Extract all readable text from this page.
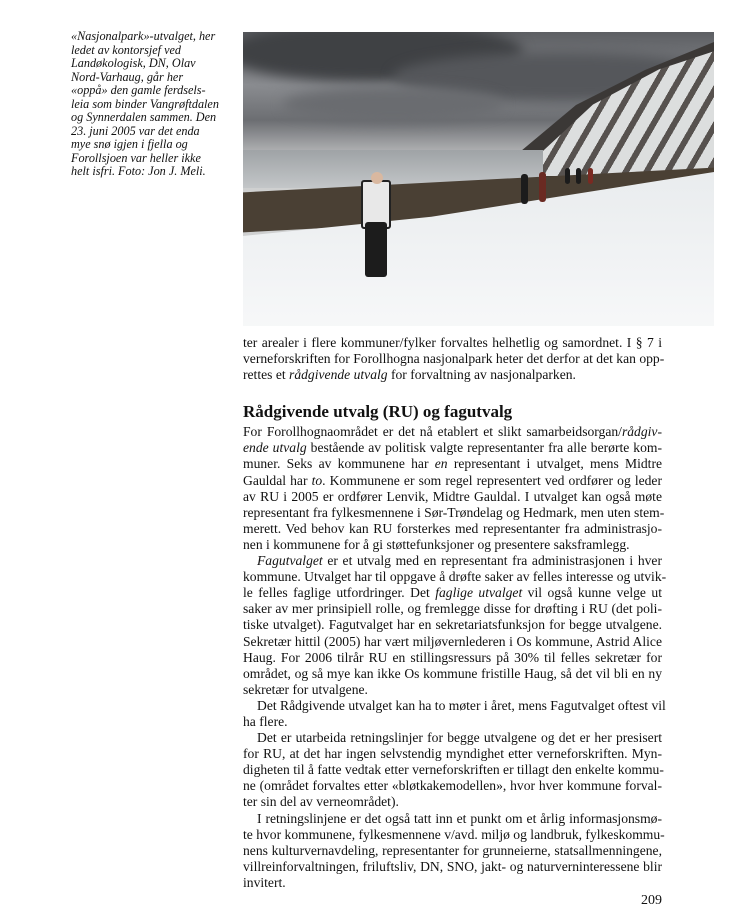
«Nasjonalpark»-utvalget, her
ledet av kontorsjef ved
Landøkologisk, DN, Olav
Nord-Varhaug, går her
«oppå» den gamle ferdsels-
leia som binder Vangrøftdalen
og Synnerdalen sammen. Den
23. juni 2005 var det enda
mye snø igjen i fjella og
Forollsjoen var heller ikke
helt isfri. Foto: Jon J. Meli.
ter arealer i flere kommuner/fylker forvaltes helhetlig og samordnet. I § 7 i
verneforskriften for Forollhogna nasjonalpark heter det derfor at det kan opp-
rettes et rådgivende utvalg for forvaltning av nasjonalparken.
Rådgivende utvalg (RU) og fagutvalg
For Forollhognaområdet er det nå etablert et slikt samarbeidsorgan/rådgiv-
ende utvalg bestående av politisk valgte representanter fra alle berørte kom-
muner. Seks av kommunene har en representant i utvalget, mens Midtre
Gauldal har to. Kommunene er som regel representert ved ordfører og leder
av RU i 2005 er ordfører Lenvik, Midtre Gauldal. I utvalget kan også møte
representant fra fylkesmennene i Sør-Trøndelag og Hedmark, men uten stem-
merett. Ved behov kan RU forsterkes med representanter fra administrasjo-
nen i kommunene for å gi støttefunksjoner og presentere saksframlegg.
Fagutvalget er et utvalg med en representant fra administrasjonen i hver
kommune. Utvalget har til oppgave å drøfte saker av felles interesse og utvik-
le felles faglige utfordringer. Det faglige utvalget vil også kunne velge ut
saker av mer prinsipiell rolle, og fremlegge disse for drøfting i RU (det poli-
tiske utvalget). Fagutvalget har en sekretariatsfunksjon for begge utvalgene.
Sekretær hittil (2005) har vært miljøvernlederen i Os kommune, Astrid Alice
Haug. For 2006 tilrår RU en stillingsressurs på 30% til felles sekretær for
området, og så mye kan ikke Os kommune fristille Haug, så det vil bli en ny
sekretær for utvalgene.
Det Rådgivende utvalget kan ha to møter i året, mens Fagutvalget oftest vil
ha flere.
Det er utarbeida retningslinjer for begge utvalgene og det er her presisert
for RU, at det har ingen selvstendig myndighet etter verneforskriften. Myn-
digheten til å fatte vedtak etter verneforskriften er tillagt den enkelte kommu-
ne (området forvaltes etter «bløtkakemodellen», hvor hver kommune forval-
ter sin del av verneområdet).
I retningslinjene er det også tatt inn et punkt om et årlig informasjonsmø-
te hvor kommunene, fylkesmennene v/avd. miljø og landbruk, fylkeskommu-
nens kulturvernavdeling, representanter for grunneierne, statsallmenningene,
villreinforvaltningen, friluftsliv, DN, SNO, jakt- og naturverninteressene blir
invitert.
209
